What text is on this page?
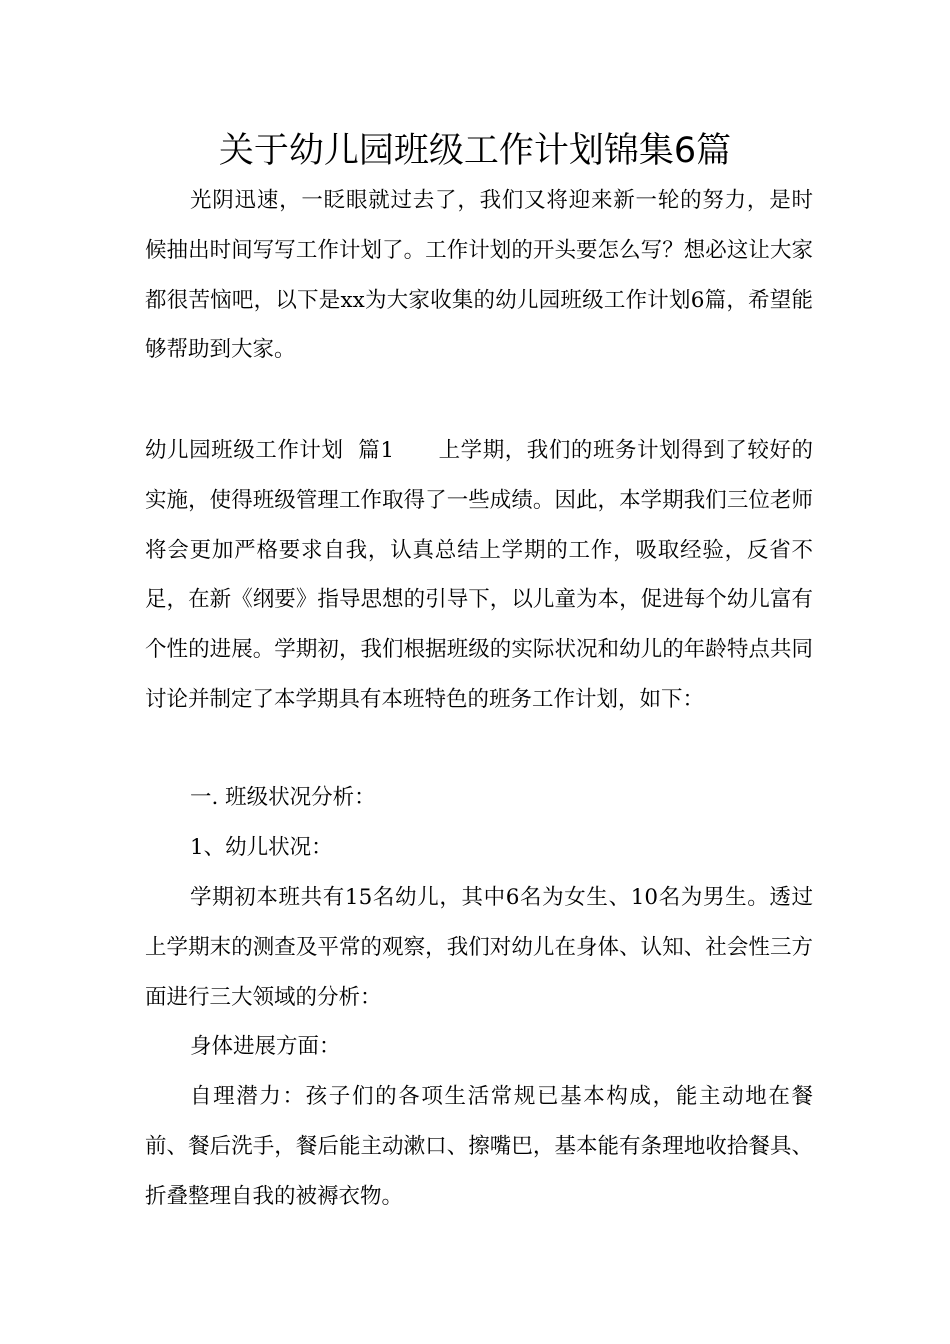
关于幼儿园班级工作计划锦集6篇

光阴迅速，一眨眼就过去了，我们又将迎来新一轮的努力，是时候抽出时间写写工作计划了。工作计划的开头要怎么写？想必这让大家都很苦恼吧，以下是xx为大家收集的幼儿园班级工作计划6篇，希望能够帮助到大家。

幼儿园班级工作计划  篇1 上学期，我们的班务计划得到了较好的实施，使得班级管理工作取得了一些成绩。因此，本学期我们三位老师将会更加严格要求自我，认真总结上学期的工作，吸取经验，反省不足，在新《纲要》指导思想的引导下，以儿童为本，促进每个幼儿富有个性的进展。学期初，我们根据班级的实际状况和幼儿的年龄特点共同讨论并制定了本学期具有本班特色的班务工作计划，如下：

一. 班级状况分析：

1、幼儿状况：

学期初本班共有15名幼儿，其中6名为女生、10名为男生。透过上学期末的测查及平常的观察，我们对幼儿在身体、认知、社会性三方面进行三大领域的分析：

身体进展方面：

自理潜力：孩子们的各项生活常规已基本构成，能主动地在餐前、餐后洗手，餐后能主动漱口、擦嘴巴，基本能有条理地收拾餐具、折叠整理自我的被褥衣物。
